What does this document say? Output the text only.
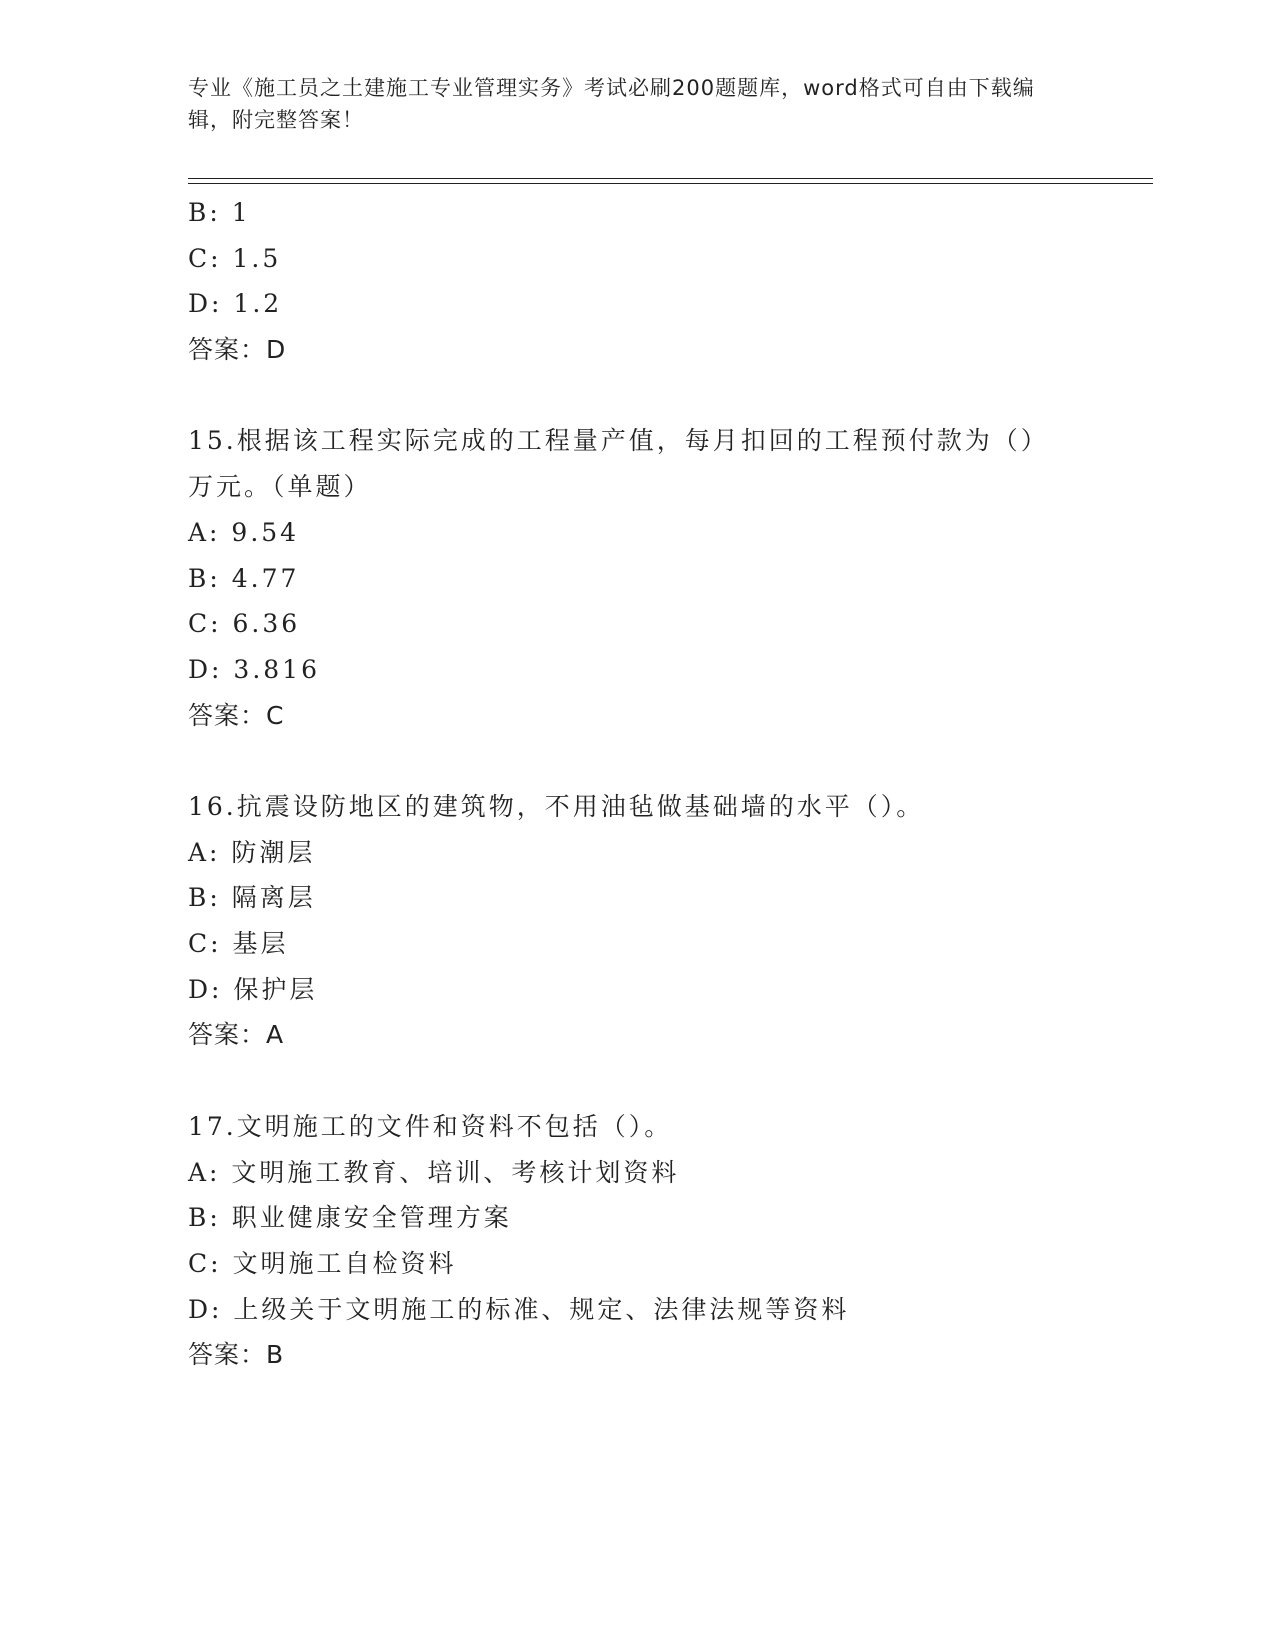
专业《施工员之土建施工专业管理实务》考试必刷200题题库，word格式可自由下载编辑，附完整答案！
B: 1
C: 1.5
D: 1.2
答案：D
15.根据该工程实际完成的工程量产值，每月扣回的工程预付款为（）万元。（单题）
A: 9.54
B: 4.77
C: 6.36
D: 3.816
答案：C
16.抗震设防地区的建筑物，不用油毡做基础墙的水平（）。
A: 防潮层
B: 隔离层
C: 基层
D: 保护层
答案：A
17.文明施工的文件和资料不包括（）。
A: 文明施工教育、培训、考核计划资料
B: 职业健康安全管理方案
C: 文明施工自检资料
D: 上级关于文明施工的标准、规定、法律法规等资料
答案：B
